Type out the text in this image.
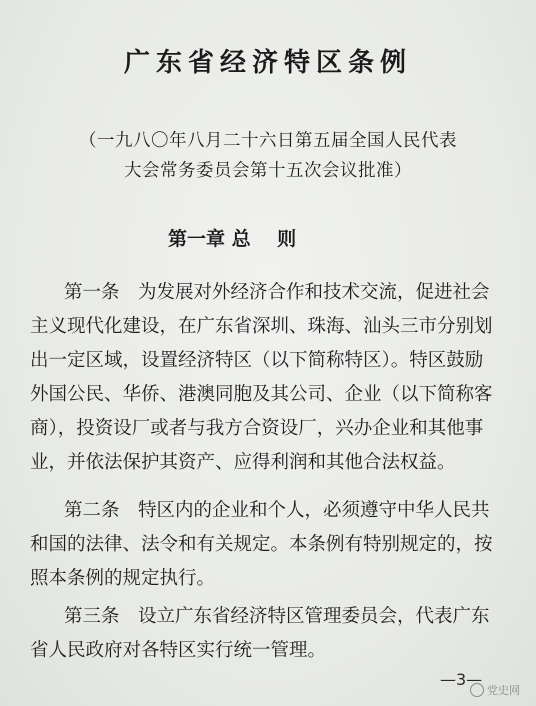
广东省经济特区条例
（一九八〇年八月二十六日第五届全国人民代表
大会常务委员会第十五次会议批准）
第一章 总    则
第一条　为发展对外经济合作和技术交流，促进社会
主义现代化建设，在广东省深圳、珠海、汕头三市分别划
出一定区域，设置经济特区（以下简称特区）。特区鼓励
外国公民、华侨、港澳同胞及其公司、企业（以下简称客
商），投资设厂或者与我方合资设厂，兴办企业和其他事
业，并依法保护其资产、应得利润和其他合法权益。
第二条　特区内的企业和个人，必须遵守中华人民共
和国的法律、法令和有关规定。本条例有特别规定的，按
照本条例的规定执行。
第三条　设立广东省经济特区管理委员会，代表广东
省人民政府对各特区实行统一管理。
—3—
党史网
